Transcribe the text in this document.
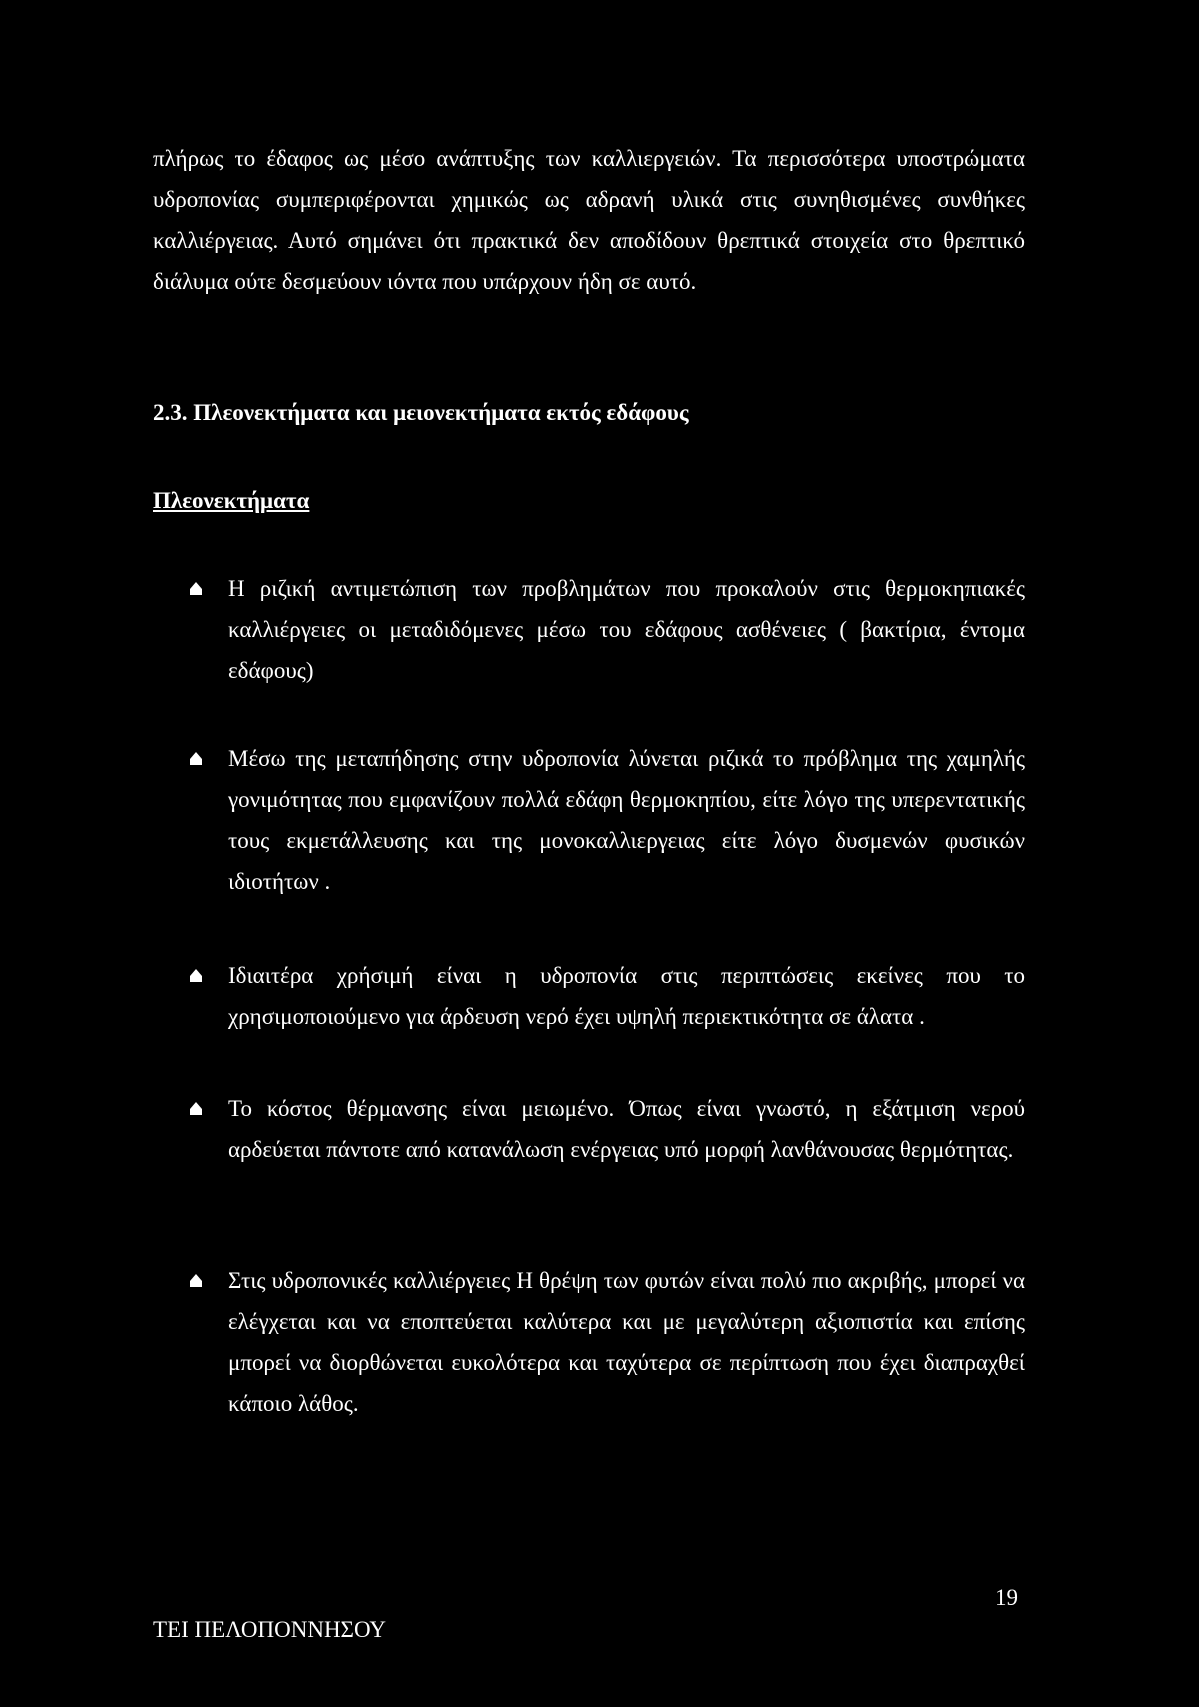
πλήρως το έδαφος ως μέσο ανάπτυξης των καλλιεργειών. Τα περισσότερα υποστρώματα υδροπονίας συμπεριφέρονται χημικώς ως αδρανή υλικά στις συνηθισμένες συνθήκες καλλιέργειας. Αυτό σημάνει ότι πρακτικά δεν αποδίδουν θρεπτικά στοιχεία στο θρεπτικό διάλυμα ούτε δεσμεύουν ιόντα που υπάρχουν ήδη σε αυτό.

2.3. Πλεονεκτήματα και μειονεκτήματα εκτός εδάφους
Πλεονεκτήματα

Η ριζική αντιμετώπιση των προβλημάτων που προκαλούν στις θερμοκηπιακές καλλιέργειες οι μεταδιδόμενες μέσω του εδάφους ασθένειες ( βακτίρια, έντομα εδάφους)

Μέσω της μεταπήδησης στην υδροπονία λύνεται ριζικά το πρόβλημα της χαμηλής γονιμότητας που εμφανίζουν πολλά εδάφη θερμοκηπίου, είτε λόγο της υπερεντατικής τους εκμετάλλευσης και της μονοκαλλιεργειας είτε λόγο δυσμενών φυσικών ιδιοτήτων .

Ιδιαιτέρα χρήσιμή είναι η υδροπονία στις περιπτώσεις εκείνες που το χρησιμοποιούμενο για άρδευση νερό έχει υψηλή περιεκτικότητα σε άλατα .

Το κόστος θέρμανσης είναι μειωμένο. Όπως είναι γνωστό, η εξάτμιση νερού αρδεύεται πάντοτε από κατανάλωση ενέργειας υπό μορφή λανθάνουσας θερμότητας.

Στις υδροπονικές καλλιέργειες Η θρέψη των φυτών είναι πολύ πιο ακριβής, μπορεί να ελέγχεται και να εποπτεύεται καλύτερα και με μεγαλύτερη αξιοπιστία και επίσης μπορεί να διορθώνεται ευκολότερα και ταχύτερα σε περίπτωση που έχει διαπραχθεί κάποιο λάθος.

ΤΕΙ ΠΕΛΟΠΟΝΝΗΣΟΥ

19
